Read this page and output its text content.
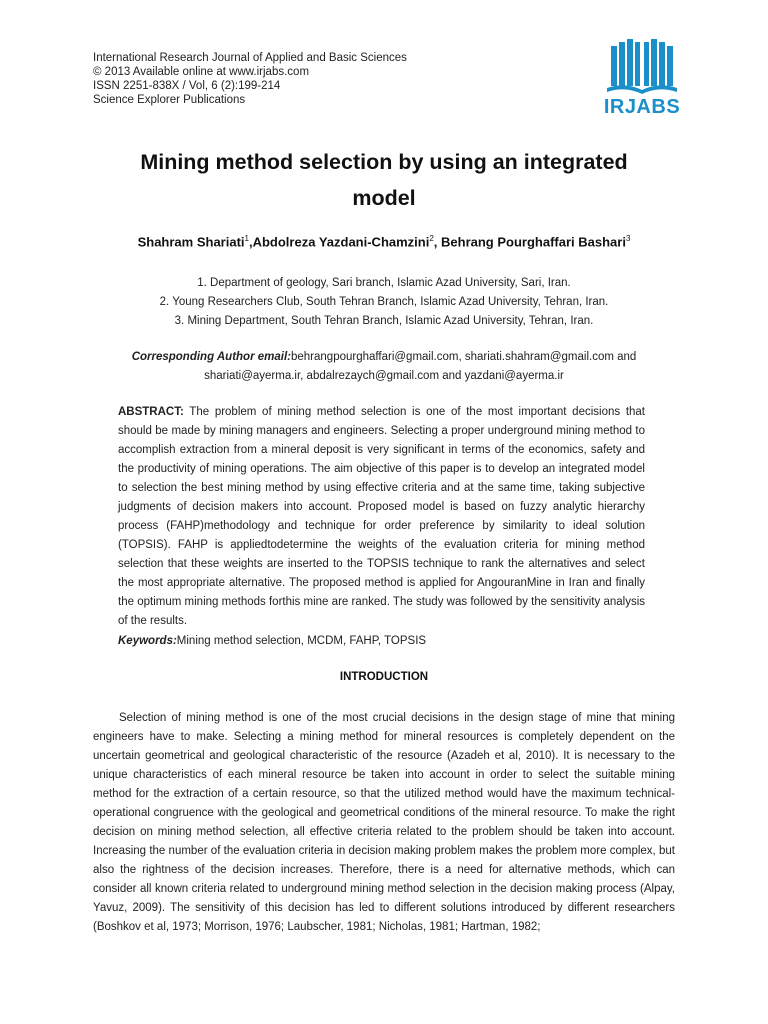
International Research Journal of Applied and Basic Sciences
© 2013 Available online at www.irjabs.com
ISSN 2251-838X / Vol, 6 (2):199-214
Science Explorer Publications	IRJABS
Mining method selection by using an integrated
model
Shahram Shariati$^1$,Abdolreza Yazdani-Chamzini$^2$, Behrang Pourghaffari Bashari$^3$
1. Department of geology, Sari branch, Islamic Azad University, Sari, Iran.
2. Young Researchers Club, South Tehran Branch, Islamic Azad University, Tehran, Iran.
3. Mining Department, South Tehran Branch, Islamic Azad University, Tehran, Iran.
Corresponding Author email:behrangpourghaffari@gmail.com, shariati.shahram@gmail.com and shariati@ayerma.ir, abdalrezaych@gmail.com and yazdani@ayerma.ir
ABSTRACT: The problem of mining method selection is one of the most important decisions that should be made by mining managers and engineers. Selecting a proper underground mining method to accomplish extraction from a mineral deposit is very significant in terms of the economics, safety and the productivity of mining operations. The aim objective of this paper is to develop an integrated model to selection the best mining method by using effective criteria and at the same time, taking subjective judgments of decision makers into account. Proposed model is based on fuzzy analytic hierarchy process (FAHP)methodology and technique for order preference by similarity to ideal solution (TOPSIS). FAHP is appliedtodetermine the weights of the evaluation criteria for mining method selection that these weights are inserted to the TOPSIS technique to rank the alternatives and select the most appropriate alternative. The proposed method is applied for AngouranMine in Iran and finally the optimum mining methods forthis mine are ranked. The study was followed by the sensitivity analysis of the results.
Keywords:Mining method selection, MCDM, FAHP, TOPSIS
INTRODUCTION
Selection of mining method is one of the most crucial decisions in the design stage of mine that mining engineers have to make. Selecting a mining method for mineral resources is completely dependent on the uncertain geometrical and geological characteristic of the resource (Azadeh et al, 2010). It is necessary to the unique characteristics of each mineral resource be taken into account in order to select the suitable mining method for the extraction of a certain resource, so that the utilized method would have the maximum technical-operational congruence with the geological and geometrical conditions of the mineral resource. To make the right decision on mining method selection, all effective criteria related to the problem should be taken into account. Increasing the number of the evaluation criteria in decision making problem makes the problem more complex, but also the rightness of the decision increases. Therefore, there is a need for alternative methods, which can consider all known criteria related to underground mining method selection in the decision making process (Alpay, Yavuz, 2009). The sensitivity of this decision has led to different solutions introduced by different researchers (Boshkov et al, 1973; Morrison, 1976; Laubscher, 1981; Nicholas, 1981; Hartman, 1982;
